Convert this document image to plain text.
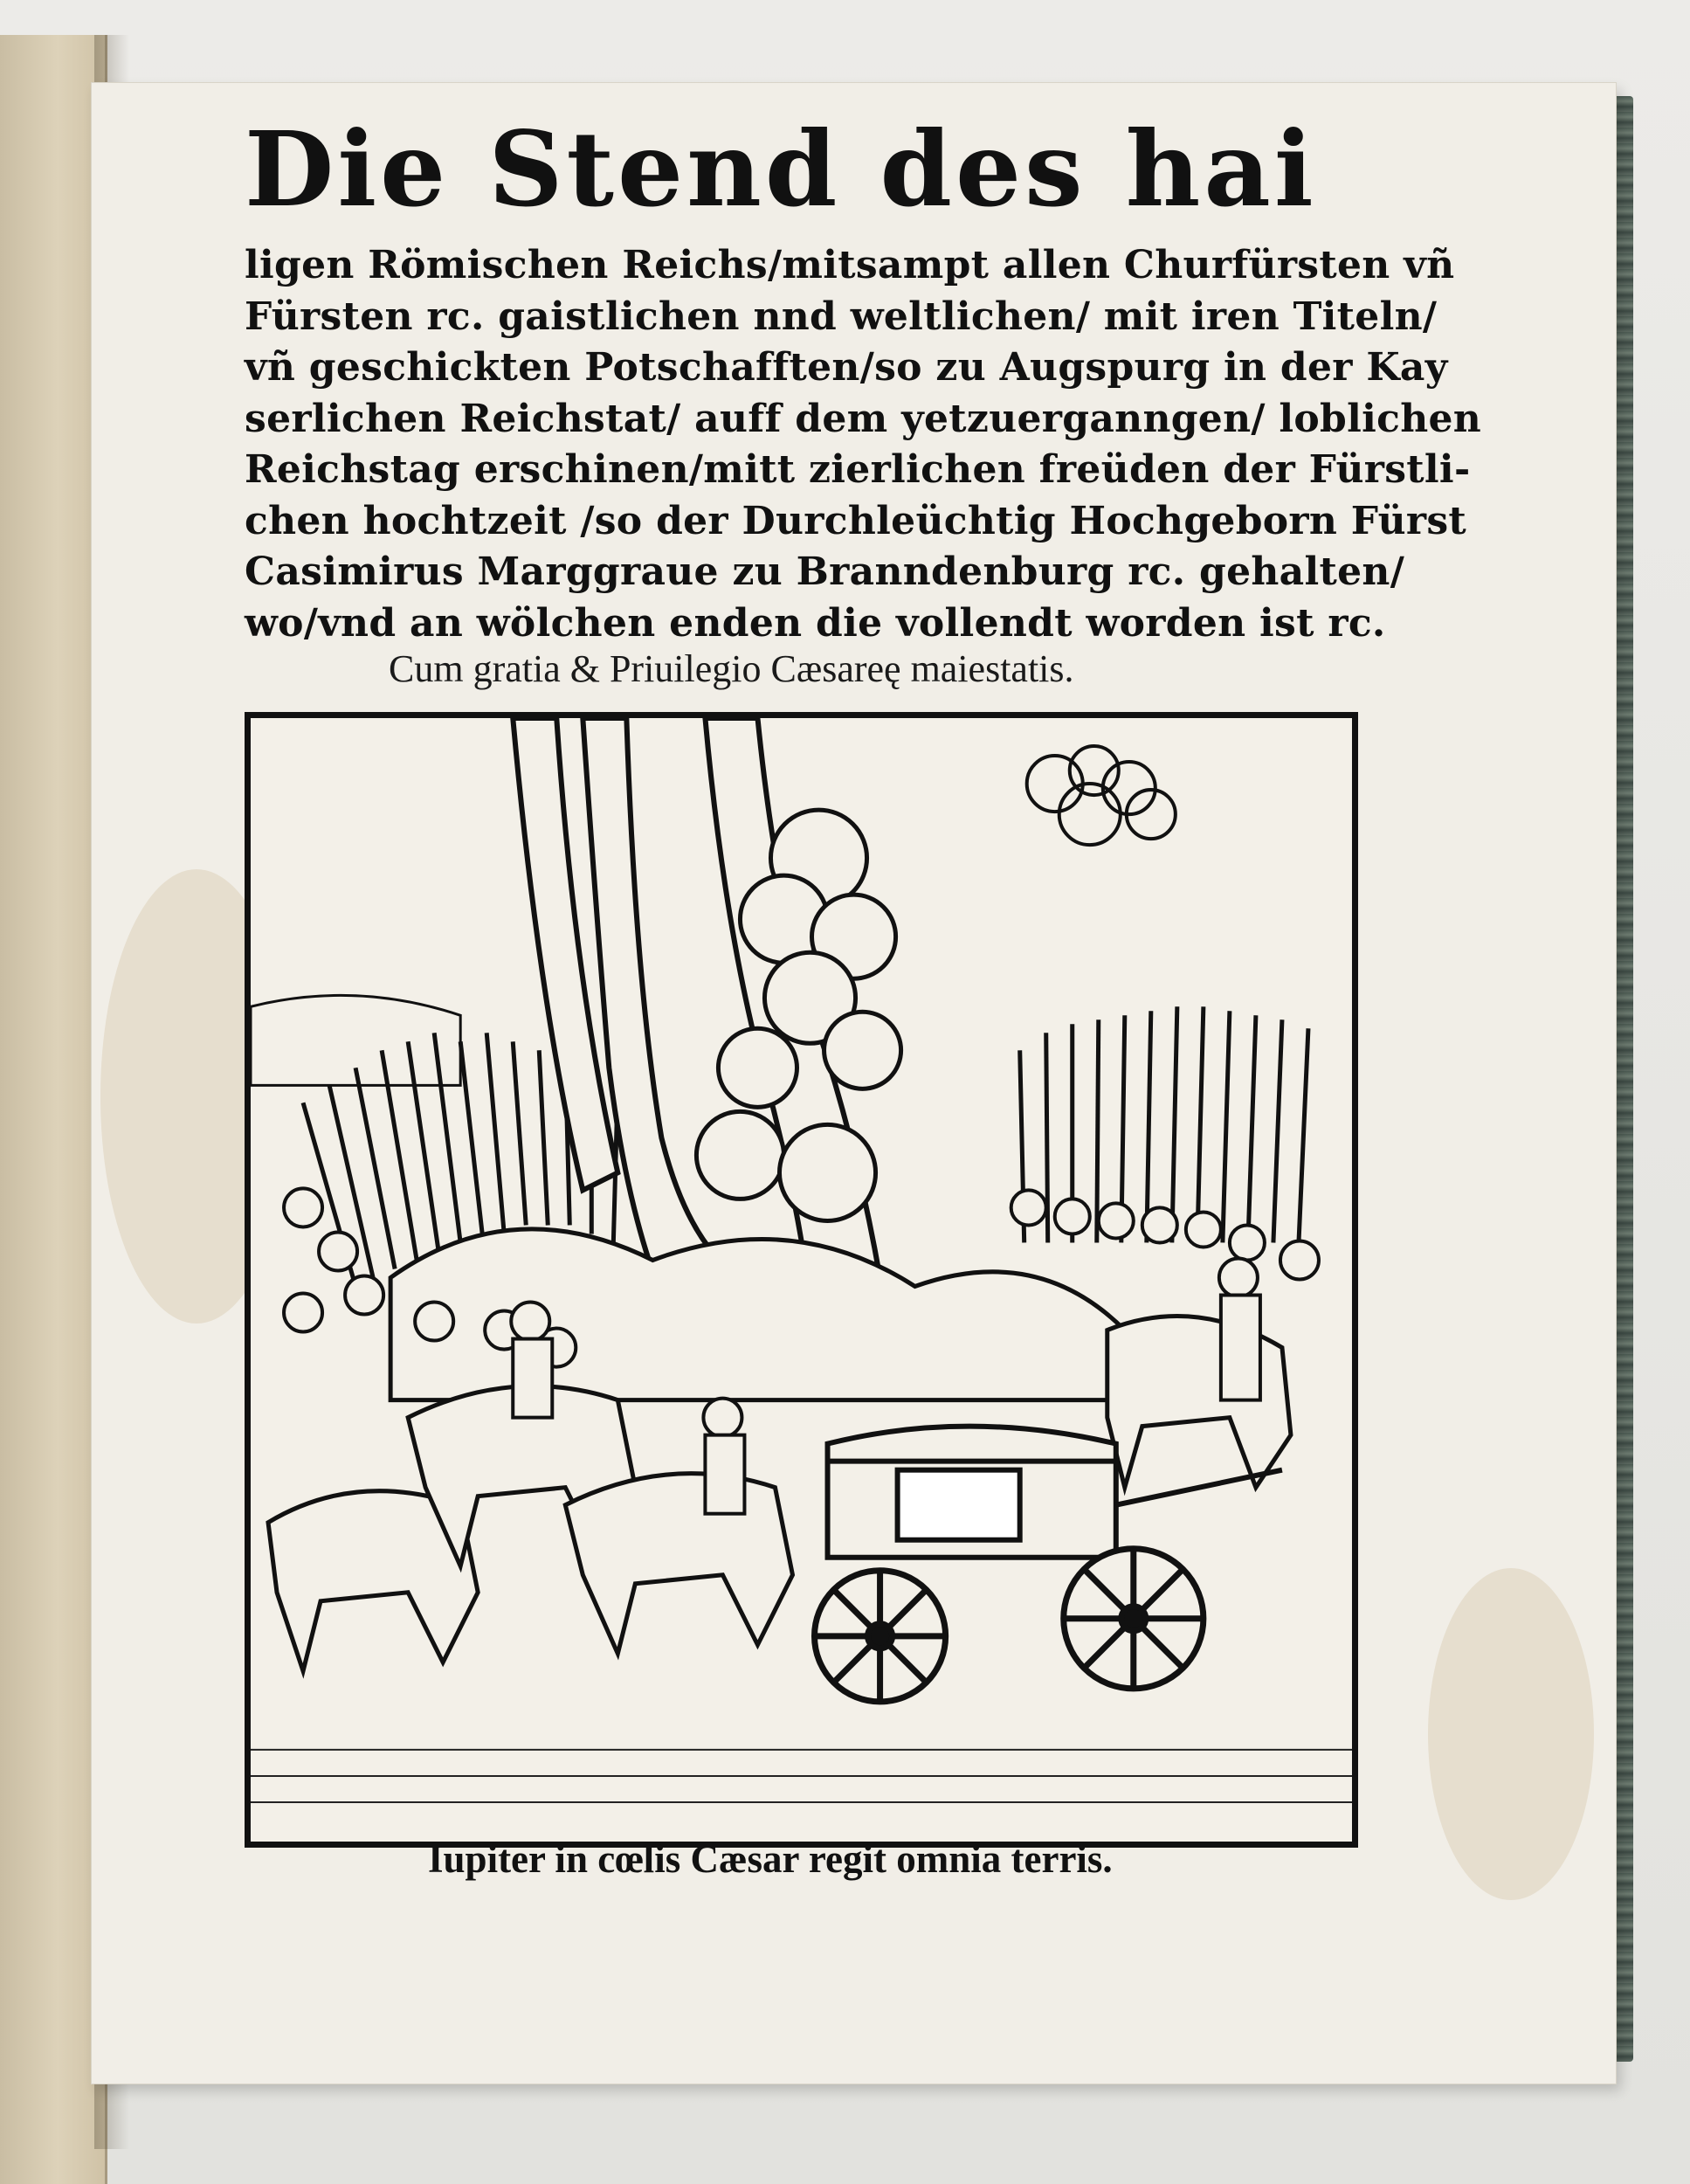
Die Stend des hai
ligen Römischen Reichs/mitsampt allen Churfürsten vñ
Fürsten rc. gaistlichen nnd weltlichen/ mit iren Titeln/
vñ geschickten Potschafften/so zu Augspurg in der Kay
serlichen Reichstat/ auff dem yetzuerganngen/ loblichen
Reichstag erschinen/mitt zierlichen freüden der Fürstli-
chen hochtzeit /so der Durchleüchtig Hochgeborn Fürst
Casimirus Marggraue zu Branndenburg rc. gehalten/
wo/vnd an wölchen enden die vollendt worden ist rc.
Cum gratia & Priuilegio Cæsareę maiestatis.
Iupiter in cœlis Cæsar regit omnia terris.
